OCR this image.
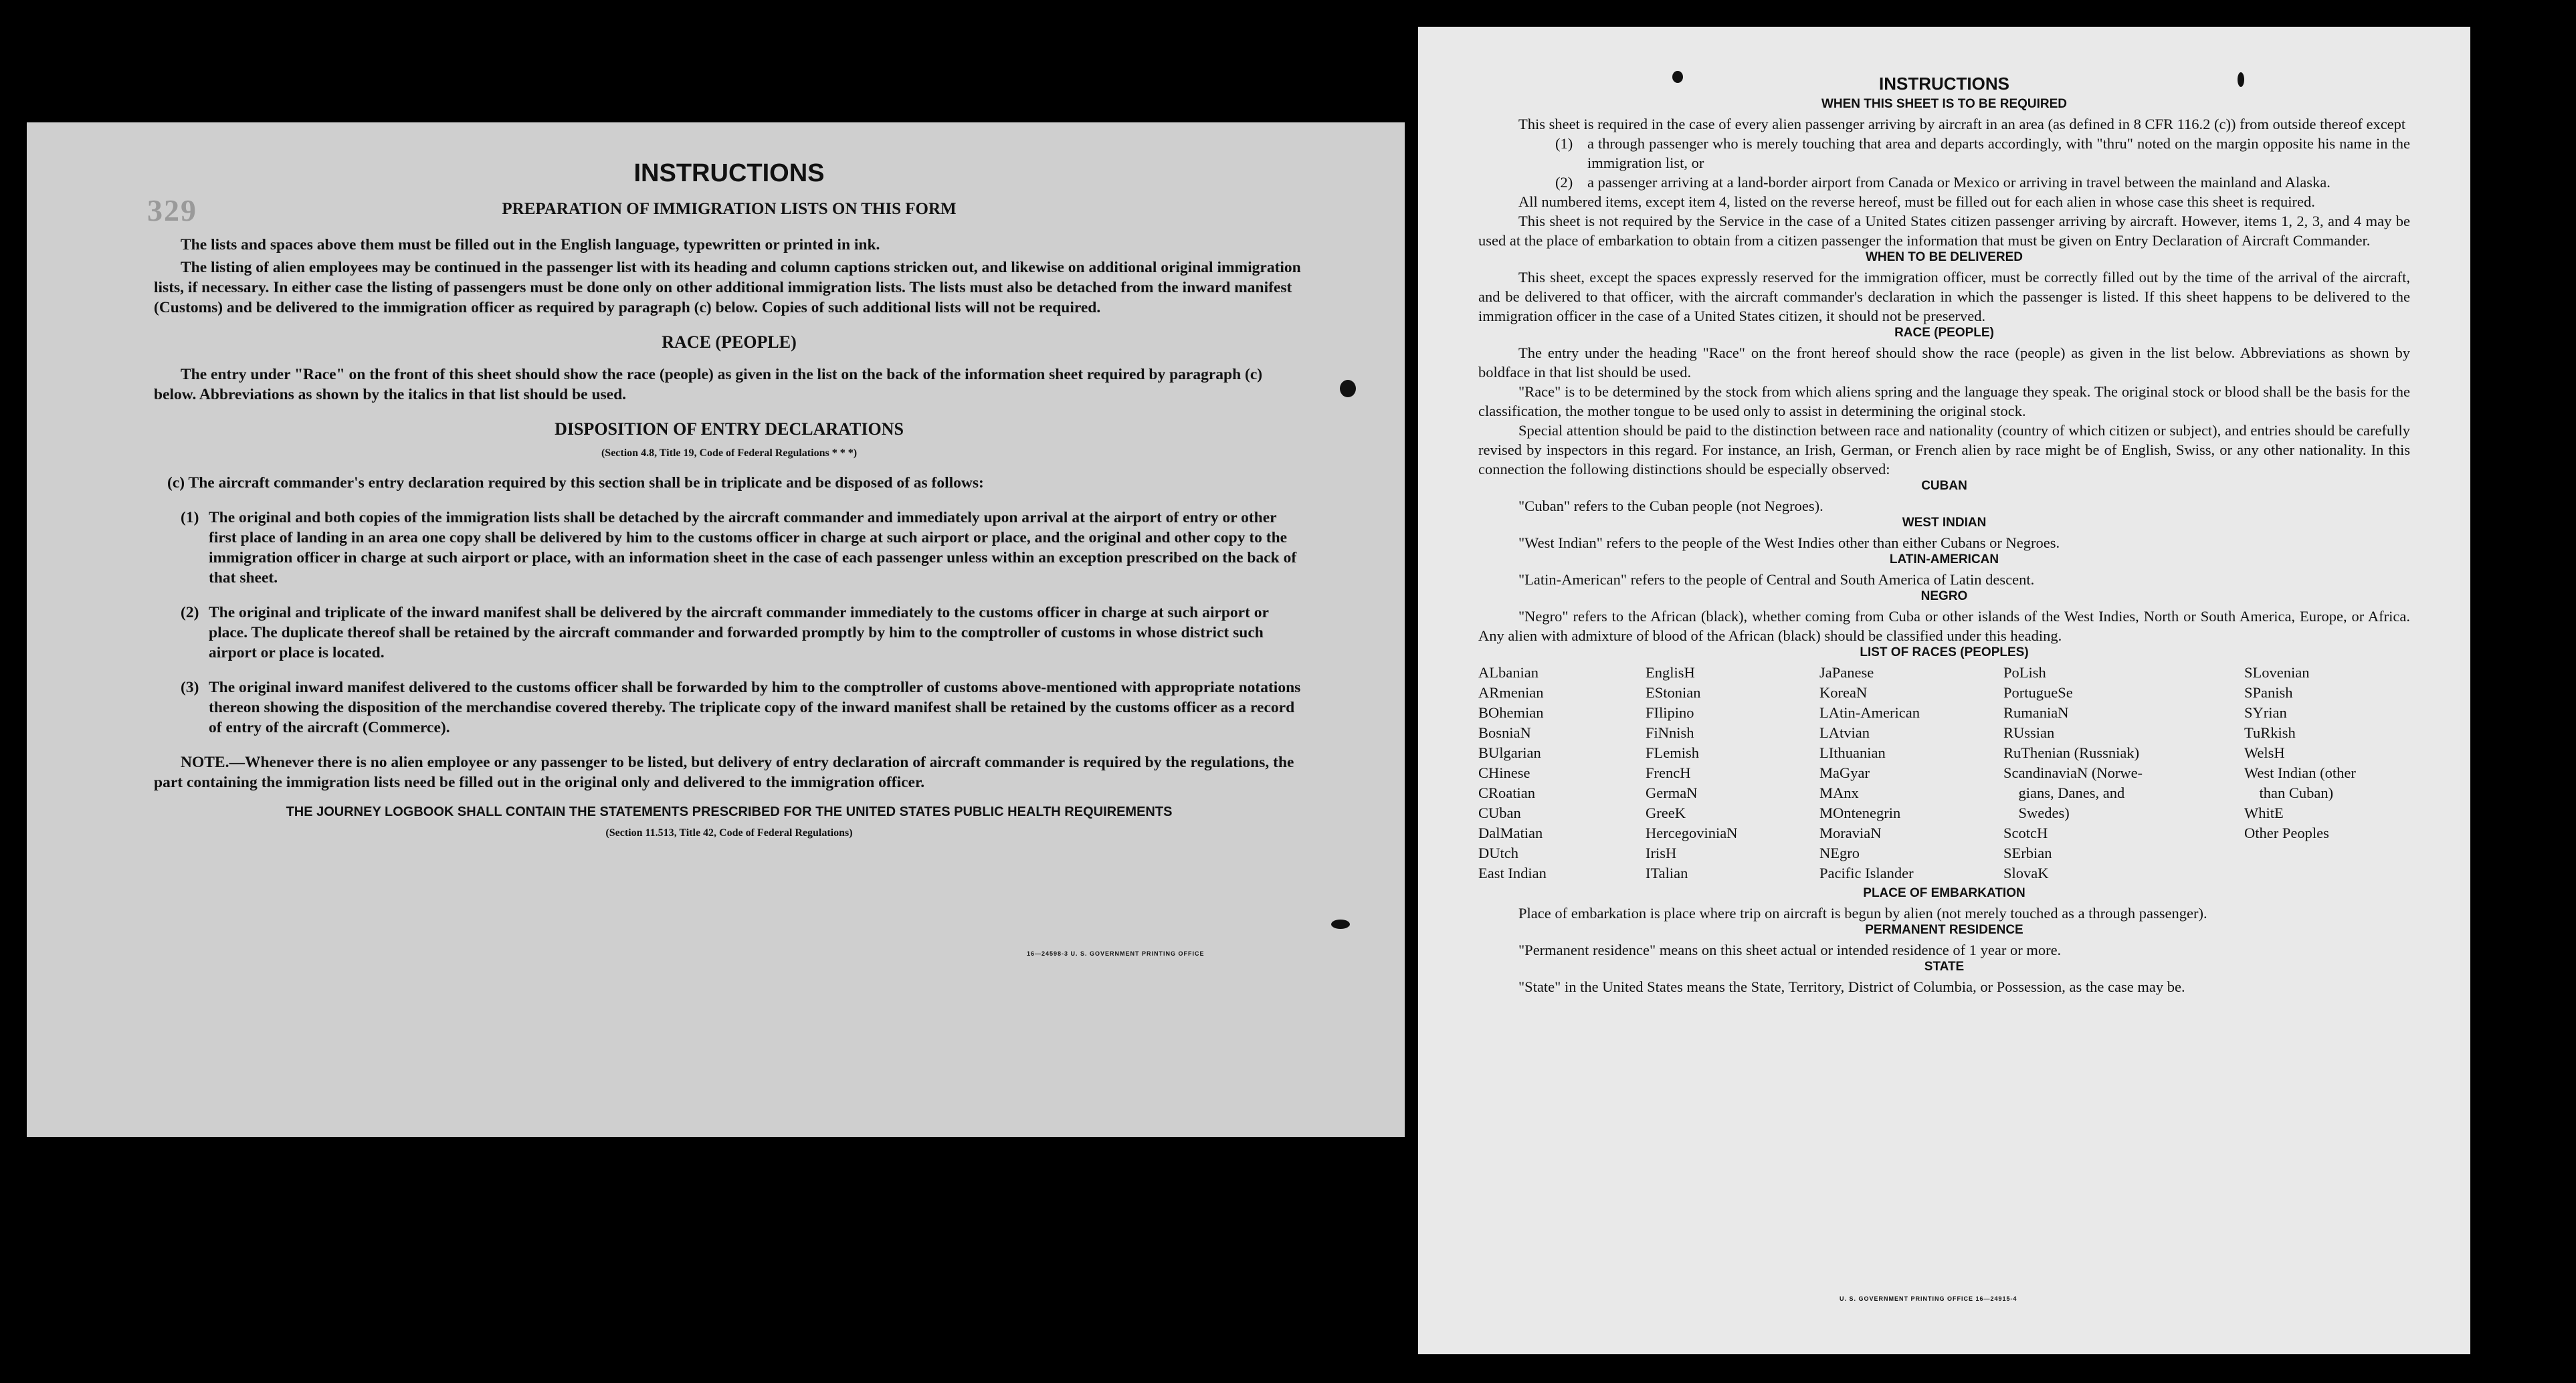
329
INSTRUCTIONS
PREPARATION OF IMMIGRATION LISTS ON THIS FORM

The lists and spaces above them must be filled out in the English language, typewritten or printed in ink.

The listing of alien employees may be continued in the passenger list with its heading and column captions stricken out, and likewise on additional original immigration lists, if necessary. In either case the listing of passengers must be done only on other additional immigration lists. The lists must also be detached from the inward manifest (Customs) and be delivered to the immigration officer as required by paragraph (c) below. Copies of such additional lists will not be required.

RACE (PEOPLE)

The entry under "Race" on the front of this sheet should show the race (people) as given in the list on the back of the information sheet required by paragraph (c) below. Abbreviations as shown by the italics in that list should be used.

DISPOSITION OF ENTRY DECLARATIONS

(Section 4.8, Title 19, Code of Federal Regulations * * *)

(c) The aircraft commander's entry declaration required by this section shall be in triplicate and be disposed of as follows:

(1) The original and both copies of the immigration lists shall be detached by the aircraft commander and immediately upon arrival at the airport of entry or other first place of landing in an area one copy shall be delivered by him to the customs officer in charge at such airport or place, and the original and other copy to the immigration officer in charge at such airport or place, with an information sheet in the case of each passenger unless within an exception prescribed on the back of that sheet.
(2) The original and triplicate of the inward manifest shall be delivered by the aircraft commander immediately to the customs officer in charge at such airport or place. The duplicate thereof shall be retained by the aircraft commander and forwarded promptly by him to the comptroller of customs in whose district such airport or place is located.
(3) The original inward manifest delivered to the customs officer shall be forwarded by him to the comptroller of customs above-mentioned with appropriate notations thereon showing the disposition of the merchandise covered thereby. The triplicate copy of the inward manifest shall be retained by the customs officer as a record of entry of the aircraft (Commerce).

NOTE.—Whenever there is no alien employee or any passenger to be listed, but delivery of entry declaration of aircraft commander is required by the regulations, the part containing the immigration lists need be filled out in the original only and delivered to the immigration officer.

THE JOURNEY LOGBOOK SHALL CONTAIN THE STATEMENTS PRESCRIBED FOR THE UNITED STATES PUBLIC HEALTH REQUIREMENTS

(Section 11.513, Title 42, Code of Federal Regulations)

16—24598-3 U. S. GOVERNMENT PRINTING OFFICE
INSTRUCTIONS
WHEN THIS SHEET IS TO BE REQUIRED

This sheet is required in the case of every alien passenger arriving by aircraft in an area (as defined in 8 CFR 116.2 (c)) from outside thereof except

(1) a through passenger who is merely touching that area and departs accordingly, with "thru" noted on the margin opposite his name in the immigration list, or
(2) a passenger arriving at a land-border airport from Canada or Mexico or arriving in travel between the mainland and Alaska.

All numbered items, except item 4, listed on the reverse hereof, must be filled out for each alien in whose case this sheet is required.

This sheet is not required by the Service in the case of a United States citizen passenger arriving by aircraft. However, items 1, 2, 3, and 4 may be used at the place of embarkation to obtain from a citizen passenger the information that must be given on Entry Declaration of Aircraft Commander.

WHEN TO BE DELIVERED

This sheet, except the spaces expressly reserved for the immigration officer, must be correctly filled out by the time of the arrival of the aircraft, and be delivered to that officer, with the aircraft commander's declaration in which the passenger is listed. If this sheet happens to be delivered to the immigration officer in the case of a United States citizen, it should not be preserved.

RACE (PEOPLE)

The entry under the heading "Race" on the front hereof should show the race (people) as given in the list below. Abbreviations as shown by boldface in that list should be used.

"Race" is to be determined by the stock from which aliens spring and the language they speak. The original stock or blood shall be the basis for the classification, the mother tongue to be used only to assist in determining the original stock.

Special attention should be paid to the distinction between race and nationality (country of which citizen or subject), and entries should be carefully revised by inspectors in this regard. For instance, an Irish, German, or French alien by race might be of English, Swiss, or any other nationality. In this connection the following distinctions should be especially observed:

CUBAN

"Cuban" refers to the Cuban people (not Negroes).

WEST INDIAN

"West Indian" refers to the people of the West Indies other than either Cubans or Negroes.

LATIN-AMERICAN

"Latin-American" refers to the people of Central and South America of Latin descent.

NEGRO

"Negro" refers to the African (black), whether coming from Cuba or other islands of the West Indies, North or South America, Europe, or Africa. Any alien with admixture of blood of the African (black) should be classified under this heading.

LIST OF RACES (PEOPLES)
ALbanian
ARmenian
BOhemian
BosniaN
BUlgarian
CHinese
CRoatian
CUban
DalMatian
DUtch
East Indian
EnglisH
EStonian
FIlipino
FiNnish
FLemish
FrencH
GermaN
GreeK
HercegoviniaN
IrisH
ITalian
JaPanese
KoreaN
LAtin-American
LAtvian
LIthuanian
MaGyar
MAnx
MOntenegrin
MoraviaN
NEgro
Pacific Islander
PoLish
PortugueSe
RumaniaN
RUssian
RuThenian (Russniak)
ScandinaviaN (Norwe-
gians, Danes, and
Swedes)
ScotcH
SErbian
SlovaK
SLovenian
SPanish
SYrian
TuRkish
WelsH
West Indian (other
than Cuban)
WhitE
Other Peoples
PLACE OF EMBARKATION

Place of embarkation is place where trip on aircraft is begun by alien (not merely touched as a through passenger).

PERMANENT RESIDENCE

"Permanent residence" means on this sheet actual or intended residence of 1 year or more.

STATE

"State" in the United States means the State, Territory, District of Columbia, or Possession, as the case may be.

U. S. GOVERNMENT PRINTING OFFICE 16—24915-4
